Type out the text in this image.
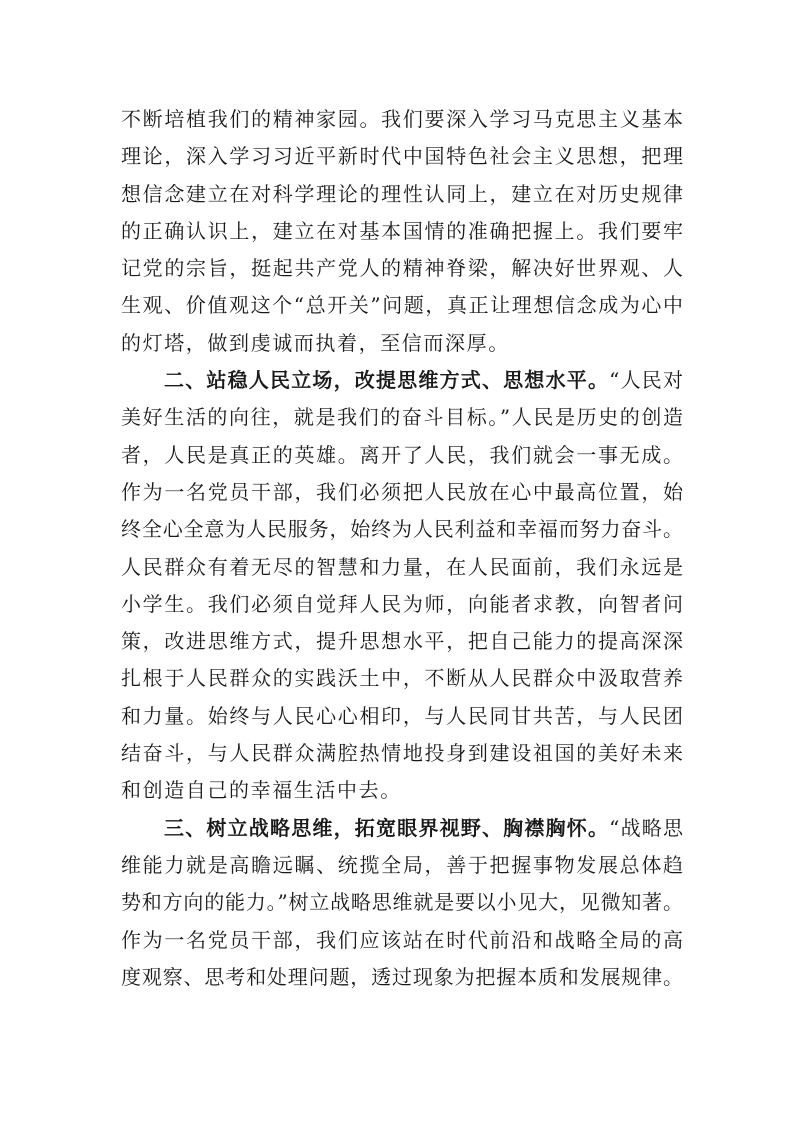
不断培植我们的精神家园。我们要深入学习马克思主义基本
理论，深入学习习近平新时代中国特色社会主义思想，把理
想信念建立在对科学理论的理性认同上，建立在对历史规律
的正确认识上，建立在对基本国情的准确把握上。我们要牢
记党的宗旨，挺起共产党人的精神脊梁，解决好世界观、人
生观、价值观这个“总开关”问题，真正让理想信念成为心中
的灯塔，做到虔诚而执着，至信而深厚。
二、站稳人民立场，改提思维方式、思想水平。“人民对
美好生活的向往，就是我们的奋斗目标。”人民是历史的创造
者，人民是真正的英雄。离开了人民，我们就会一事无成。
作为一名党员干部，我们必须把人民放在心中最高位置，始
终全心全意为人民服务，始终为人民利益和幸福而努力奋斗。
人民群众有着无尽的智慧和力量，在人民面前，我们永远是
小学生。我们必须自觉拜人民为师，向能者求教，向智者问
策，改进思维方式，提升思想水平，把自己能力的提高深深
扎根于人民群众的实践沃土中，不断从人民群众中汲取营养
和力量。始终与人民心心相印，与人民同甘共苦，与人民团
结奋斗，与人民群众满腔热情地投身到建设祖国的美好未来
和创造自己的幸福生活中去。
三、树立战略思维，拓宽眼界视野、胸襟胸怀。“战略思
维能力就是高瞻远瞩、统揽全局，善于把握事物发展总体趋
势和方向的能力。”树立战略思维就是要以小见大，见微知著。
作为一名党员干部，我们应该站在时代前沿和战略全局的高
度观察、思考和处理问题，透过现象为把握本质和发展规律。
